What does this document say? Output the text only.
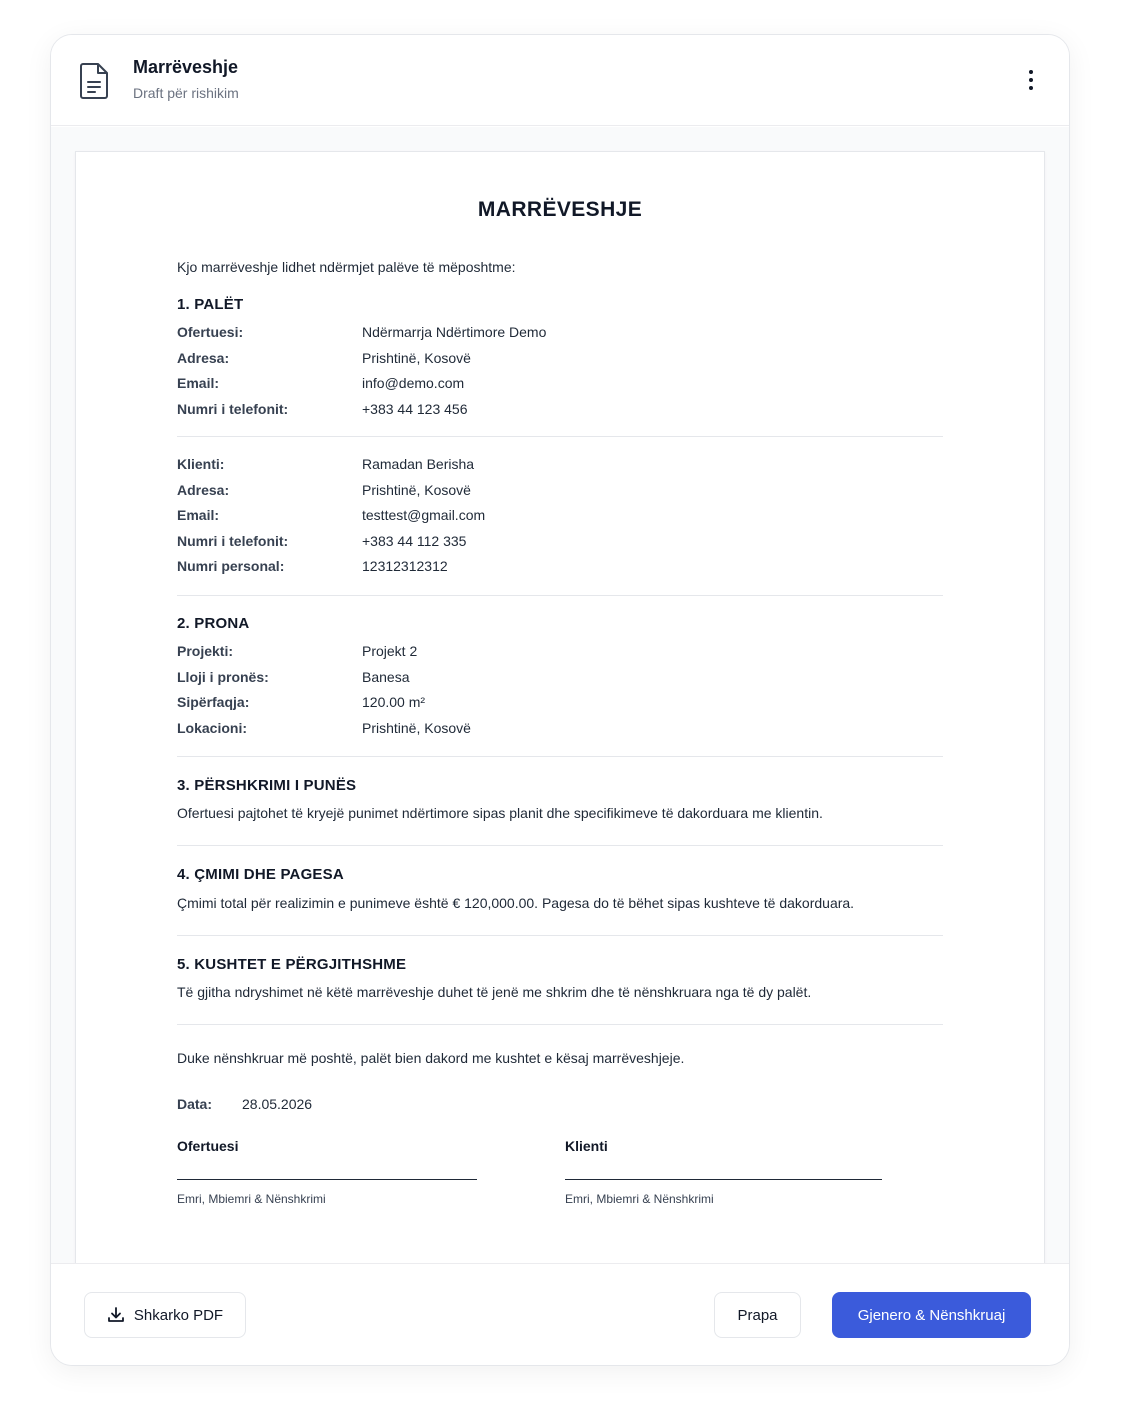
Marrëveshje
Draft për rishikim
MARRËVESHJE
Kjo marrëveshje lidhet ndërmjet palëve të mëposhtme:
1. PALËT
Ofertuesi:	Ndërmarrja Ndërtimore Demo
Adresa:	Prishtinë, Kosovë
Email:	info@demo.com
Numri i telefonit:	+383 44 123 456
Klienti:	Ramadan Berisha
Adresa:	Prishtinë, Kosovë
Email:	testtest@gmail.com
Numri i telefonit:	+383 44 112 335
Numri personal:	12312312312
2. PRONA
Projekti:	Projekt 2
Lloji i pronës:	Banesa
Sipërfaqja:	120.00 m²
Lokacioni:	Prishtinë, Kosovë
3. PËRSHKRIMI I PUNËS
Ofertuesi pajtohet të kryejë punimet ndërtimore sipas planit dhe specifikimeve të dakorduara me klientin.
4. ÇMIMI DHE PAGESA
Çmimi total për realizimin e punimeve është € 120,000.00. Pagesa do të bëhet sipas kushteve të dakorduara.
5. KUSHTET E PËRGJITHSHME
Të gjitha ndryshimet në këtë marrëveshje duhet të jenë me shkrim dhe të nënshkruara nga të dy palët.
Duke nënshkruar më poshtë, palët bien dakord me kushtet e kësaj marrëveshjeje.
Data: 28.05.2026
Ofertuesi
Emri, Mbiemri & Nënshkrimi
Klienti
Emri, Mbiemri & Nënshkrimi
Shkarko PDF	Prapa	Gjenero & Nënshkruaj
